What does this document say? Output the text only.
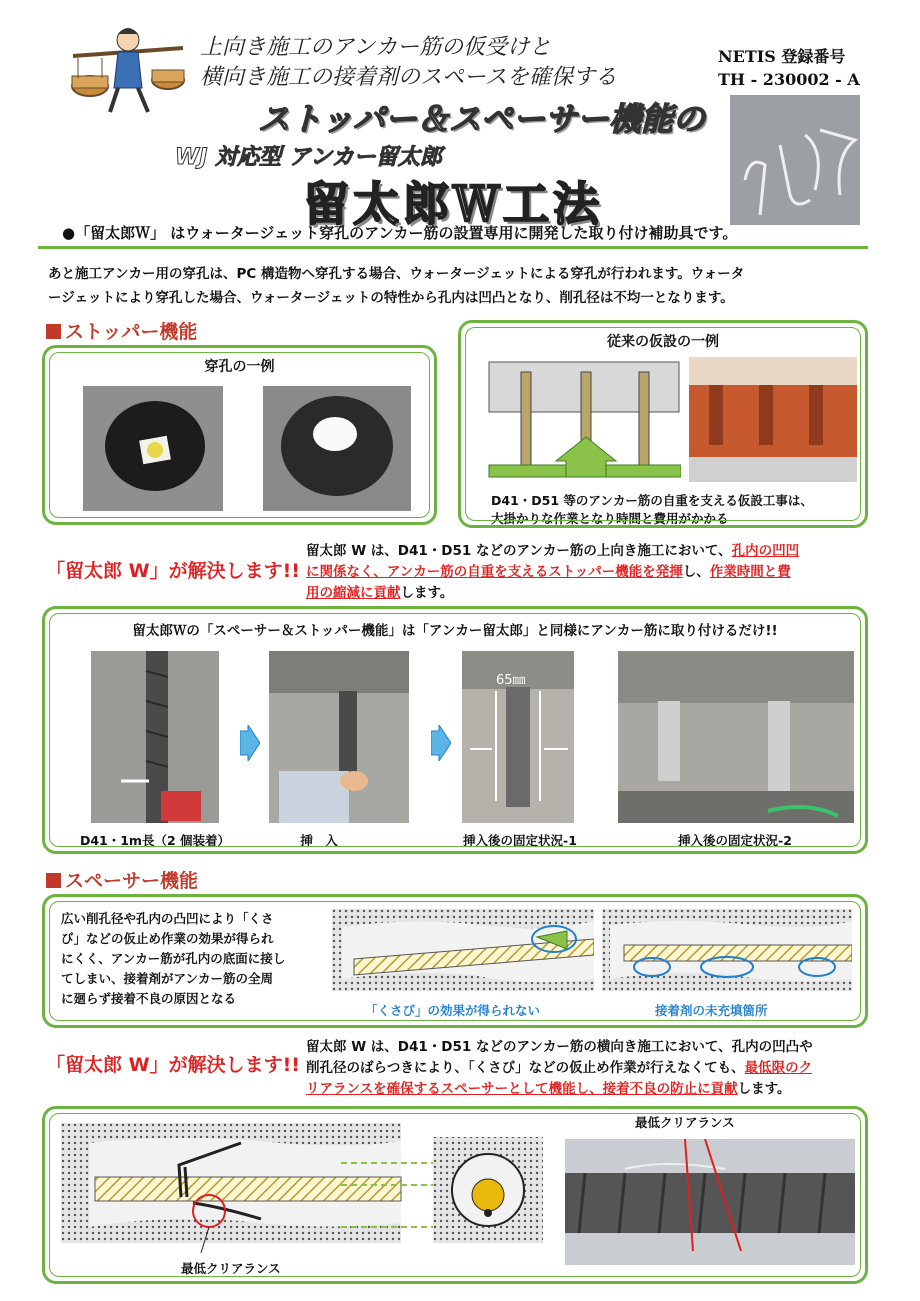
上向き施工のアンカー筋の仮受けと
横向き施工の接着剤のスペースを確保する
ストッパー＆スペーサー機能の
WJ 対応型 アンカー留太郎
留太郎Ｗ工法
NETIS 登録番号
TH - 230002 - A
●「留太郎Ｗ」 はウォータージェット穿孔のアンカー筋の設置専用に開発した取り付け補助具です。
あと施工アンカー用の穿孔は、PC 構造物へ穿孔する場合、ウォータージェットによる穿孔が行われます。ウォータ
ージェットにより穿孔した場合、ウォータージェットの特性から孔内は凹凸となり、削孔径は不均一となります。
ストッパー機能
穿孔の一例
従来の仮設の一例
D41・D51 等のアンカー筋の自重を支える仮設工事は、
大掛かりな作業となり時間と費用がかかる
「留太郎 W」が解決します!!
留太郎 W は、D41・D51 などのアンカー筋の上向き施工において、孔内の凹凹
に関係なく、アンカー筋の自重を支えるストッパー機能を発揮し、作業時間と費
用の縮減に貢献します。
留太郎Ｗの「スペーサー＆ストッパー機能」は「アンカー留太郎」と同様にアンカー筋に取り付けるだけ!!
65㎜
D41・1m長（2 個装着）	挿　入	挿入後の固定状況-1	挿入後の固定状況-2
スペーサー機能
広い削孔径や孔内の凸凹により「くさ
び」などの仮止め作業の効果が得られ
にくく、アンカー筋が孔内の底面に接し
てしまい、接着剤がアンカー筋の全周
に廻らず接着不良の原因となる
「くさび」の効果が得られない	接着剤の未充填箇所
「留太郎 W」が解決します!!
留太郎 W は、D41・D51 などのアンカー筋の横向き施工において、孔内の凹凸や
削孔径のばらつきにより、「くさび」などの仮止め作業が行えなくても、最低限のク
リアランスを確保するスペーサーとして機能し、接着不良の防止に貢献します。
最低クリアランス
最低クリアランス
